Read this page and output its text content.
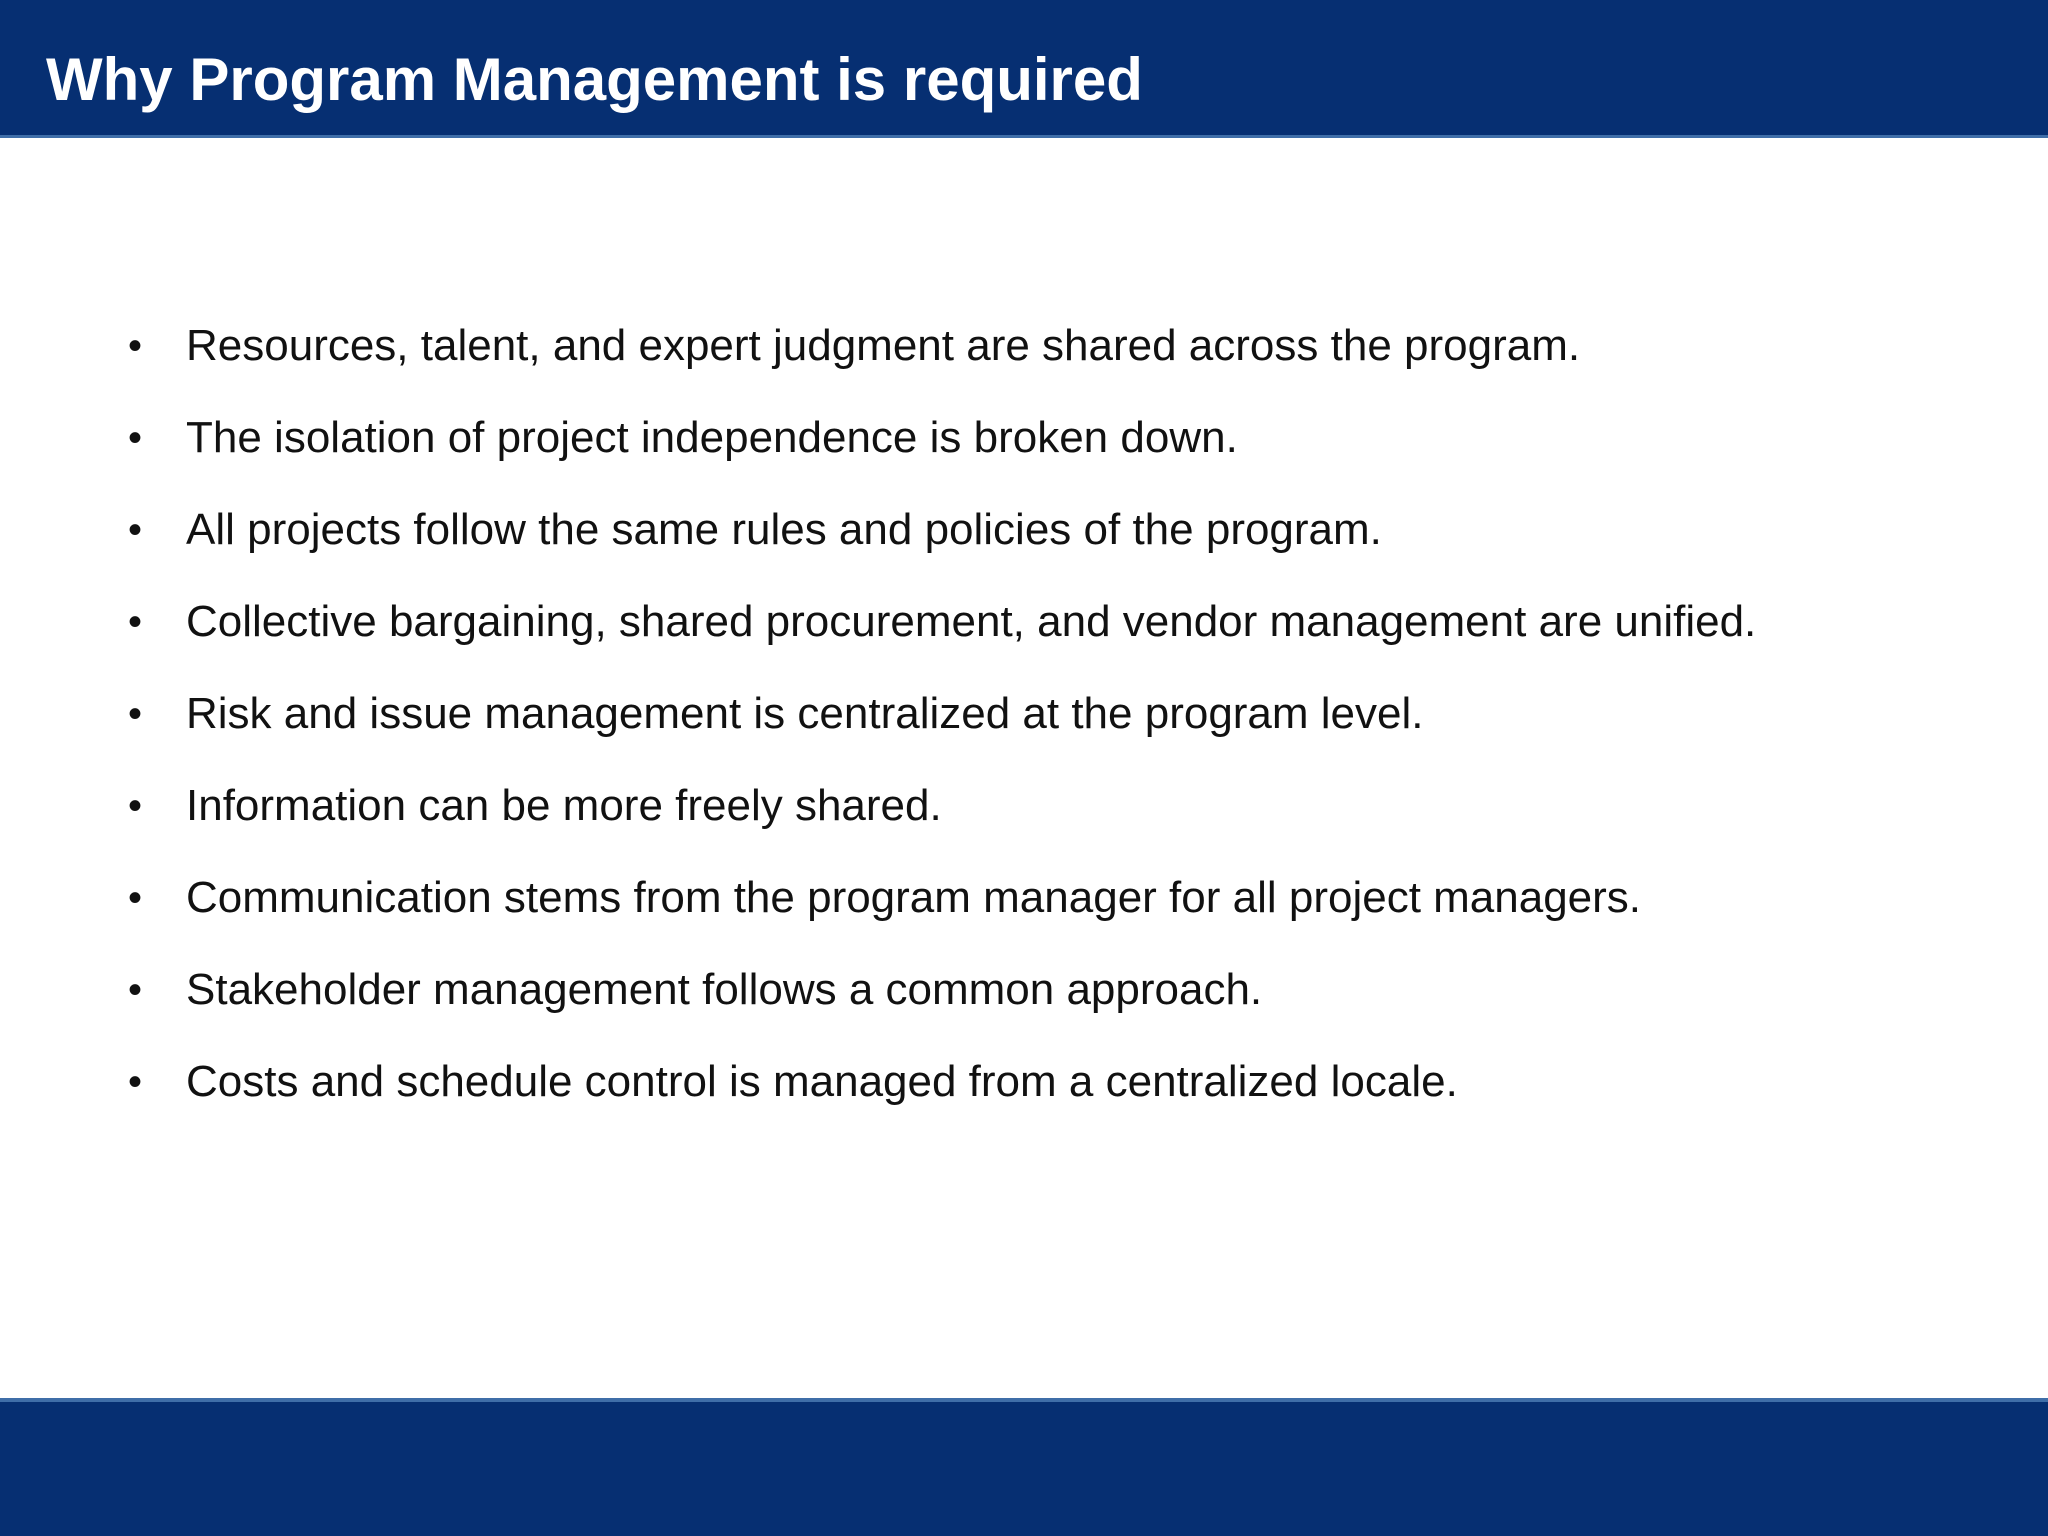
Why Program Management is required
• Resources, talent, and expert judgment are shared across the program.
• The isolation of project independence is broken down.
• All projects follow the same rules and policies of the program.
• Collective bargaining, shared procurement, and vendor management are unified.
• Risk and issue management is centralized at the program level.
• Information can be more freely shared.
• Communication stems from the program manager for all project managers.
• Stakeholder management follows a common approach.
• Costs and schedule control is managed from a centralized locale.
